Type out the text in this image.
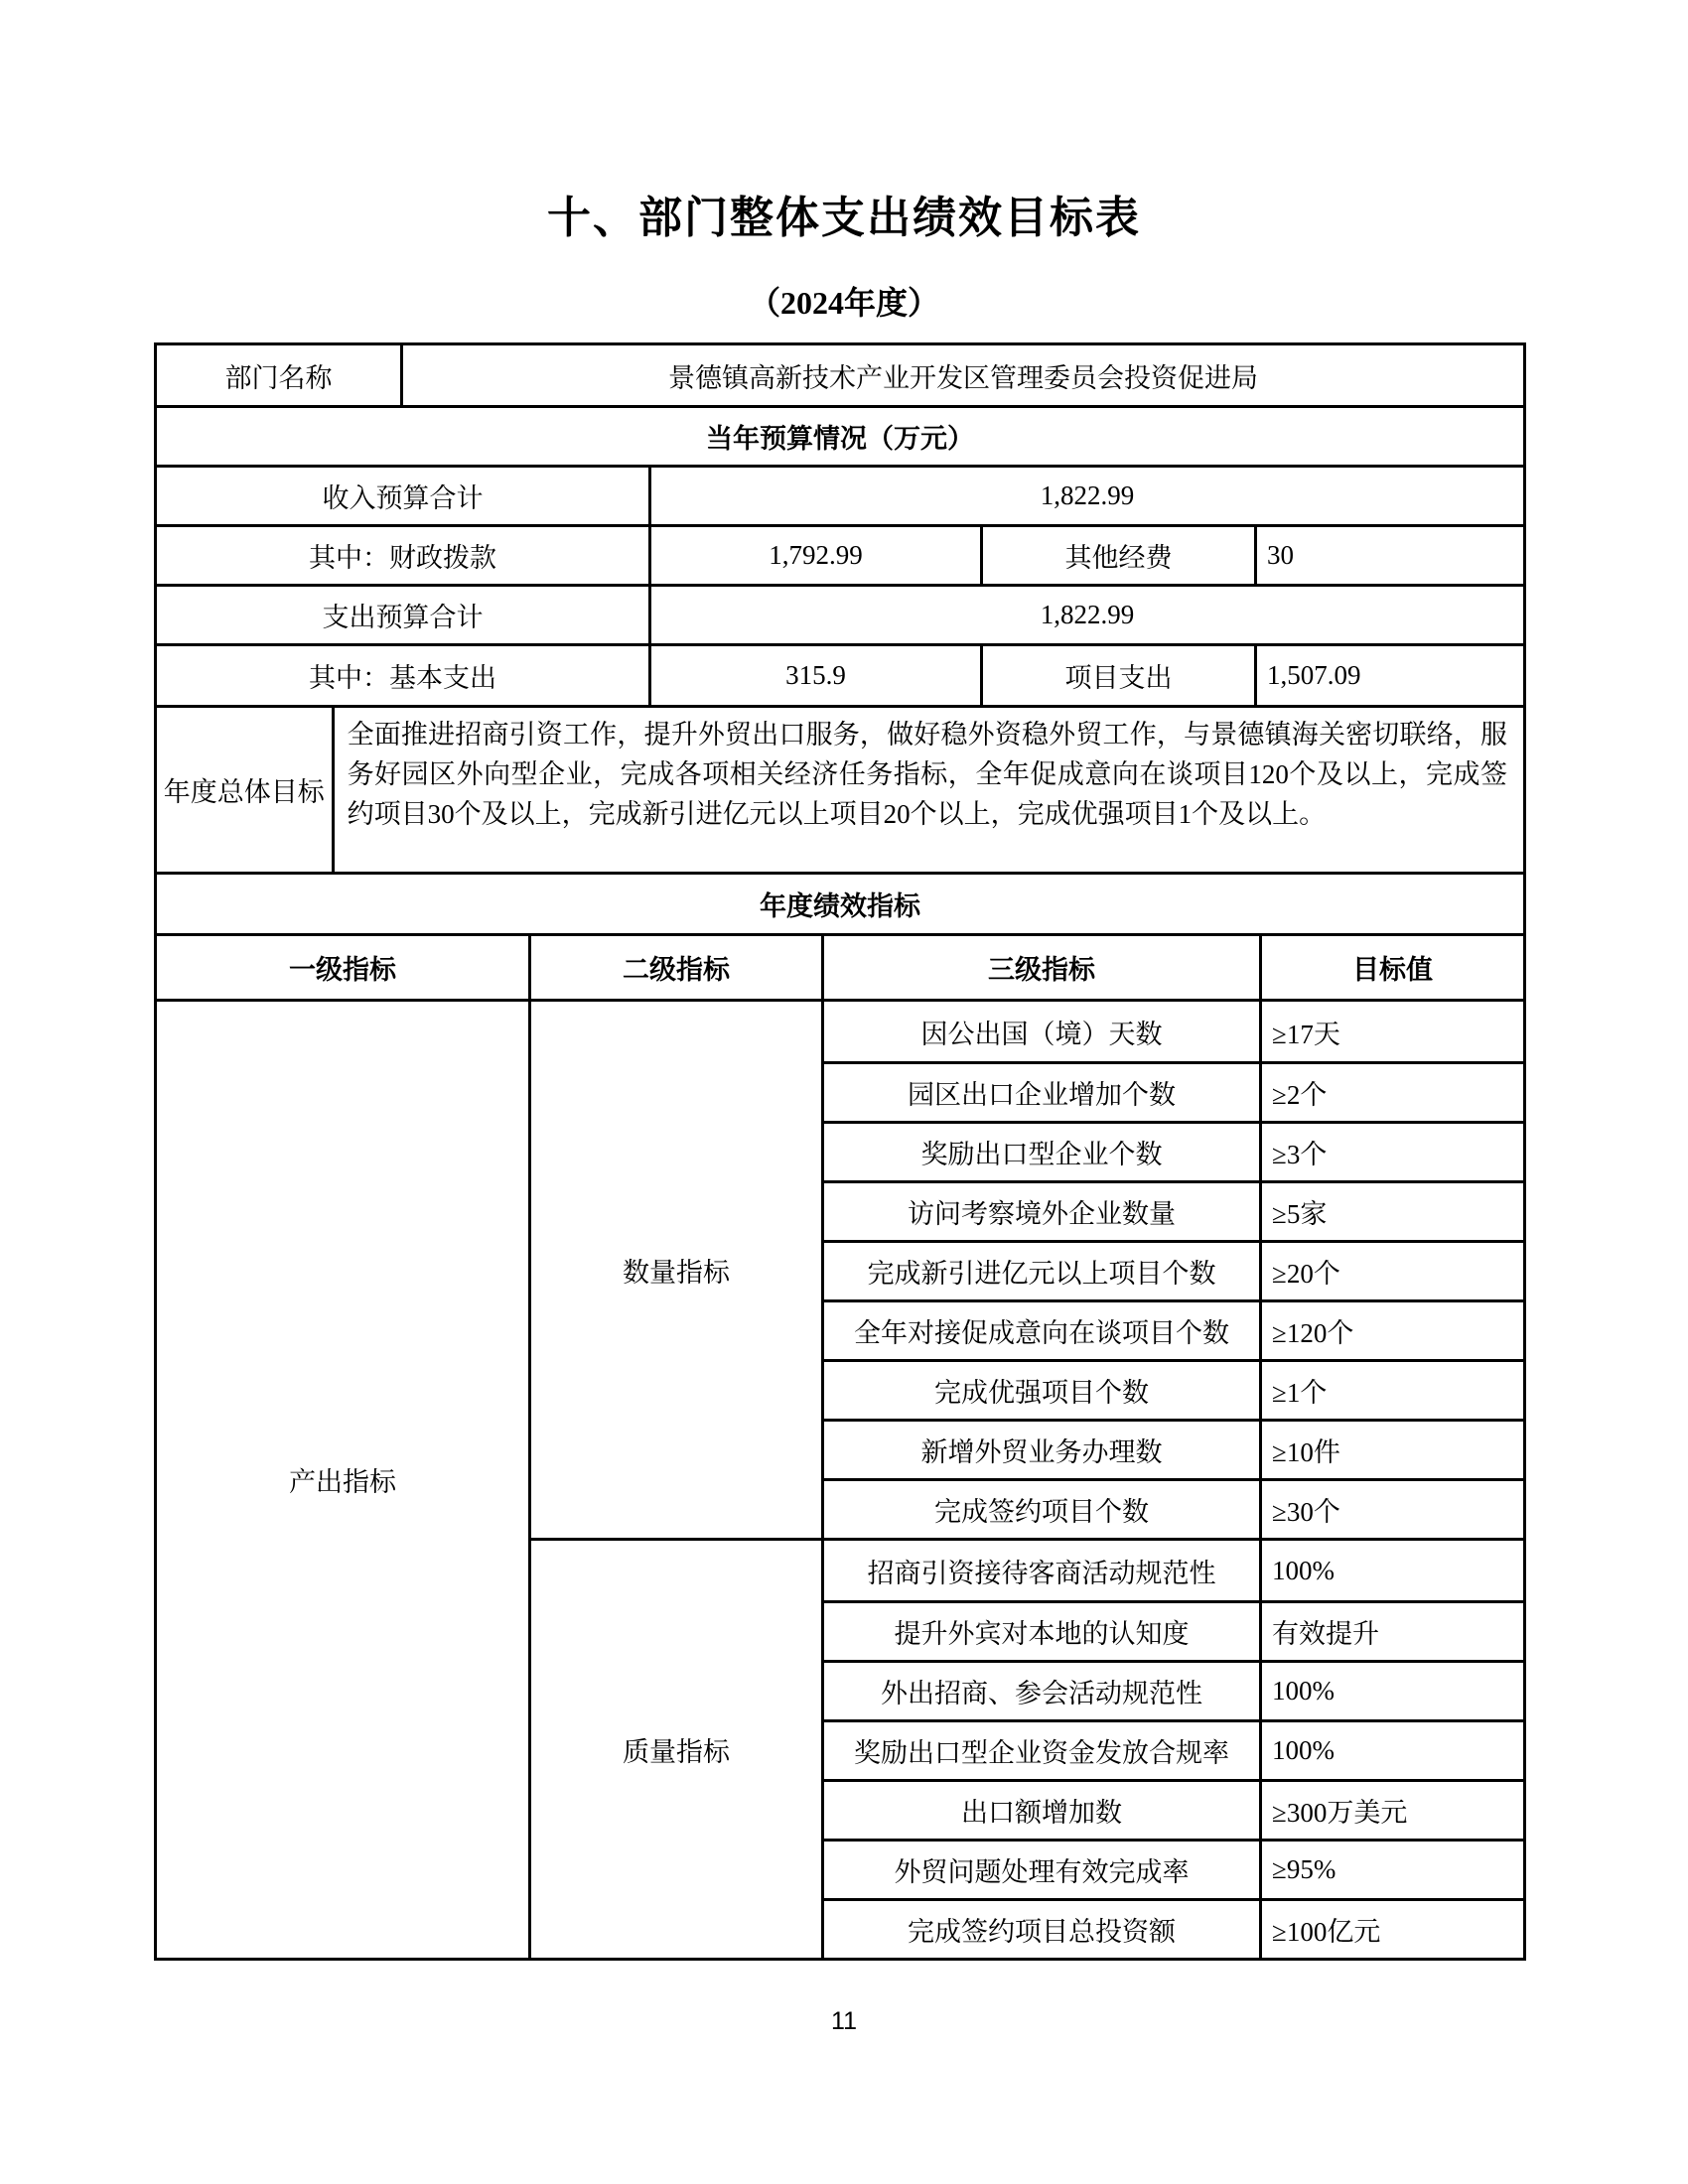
十、部门整体支出绩效目标表
（2024年度）
部门名称	景德镇高新技术产业开发区管理委员会投资促进局
当年预算情况（万元）
收入预算合计	1,822.99
其中：财政拨款	1,792.99	其他经费	30
支出预算合计	1,822.99
其中：基本支出	315.9	项目支出	1,507.09
年度总体目标
全面推进招商引资工作，提升外贸出口服务，做好稳外资稳外贸工作，与景德镇海关密切联络，服务好园区外向型企业，完成各项相关经济任务指标，全年促成意向在谈项目120个及以上，完成签约项目30个及以上，完成新引进亿元以上项目20个以上，完成优强项目1个及以上。
年度绩效指标
一级指标	二级指标	三级指标	目标值
产出指标
数量指标
因公出国（境）天数	≥17天
园区出口企业增加个数	≥2个
奖励出口型企业个数	≥3个
访问考察境外企业数量	≥5家
完成新引进亿元以上项目个数	≥20个
全年对接促成意向在谈项目个数	≥120个
完成优强项目个数	≥1个
新增外贸业务办理数	≥10件
完成签约项目个数	≥30个
质量指标
招商引资接待客商活动规范性	100%
提升外宾对本地的认知度	有效提升
外出招商、参会活动规范性	100%
奖励出口型企业资金发放合规率	100%
出口额增加数	≥300万美元
外贸问题处理有效完成率	≥95%
完成签约项目总投资额	≥100亿元
11
